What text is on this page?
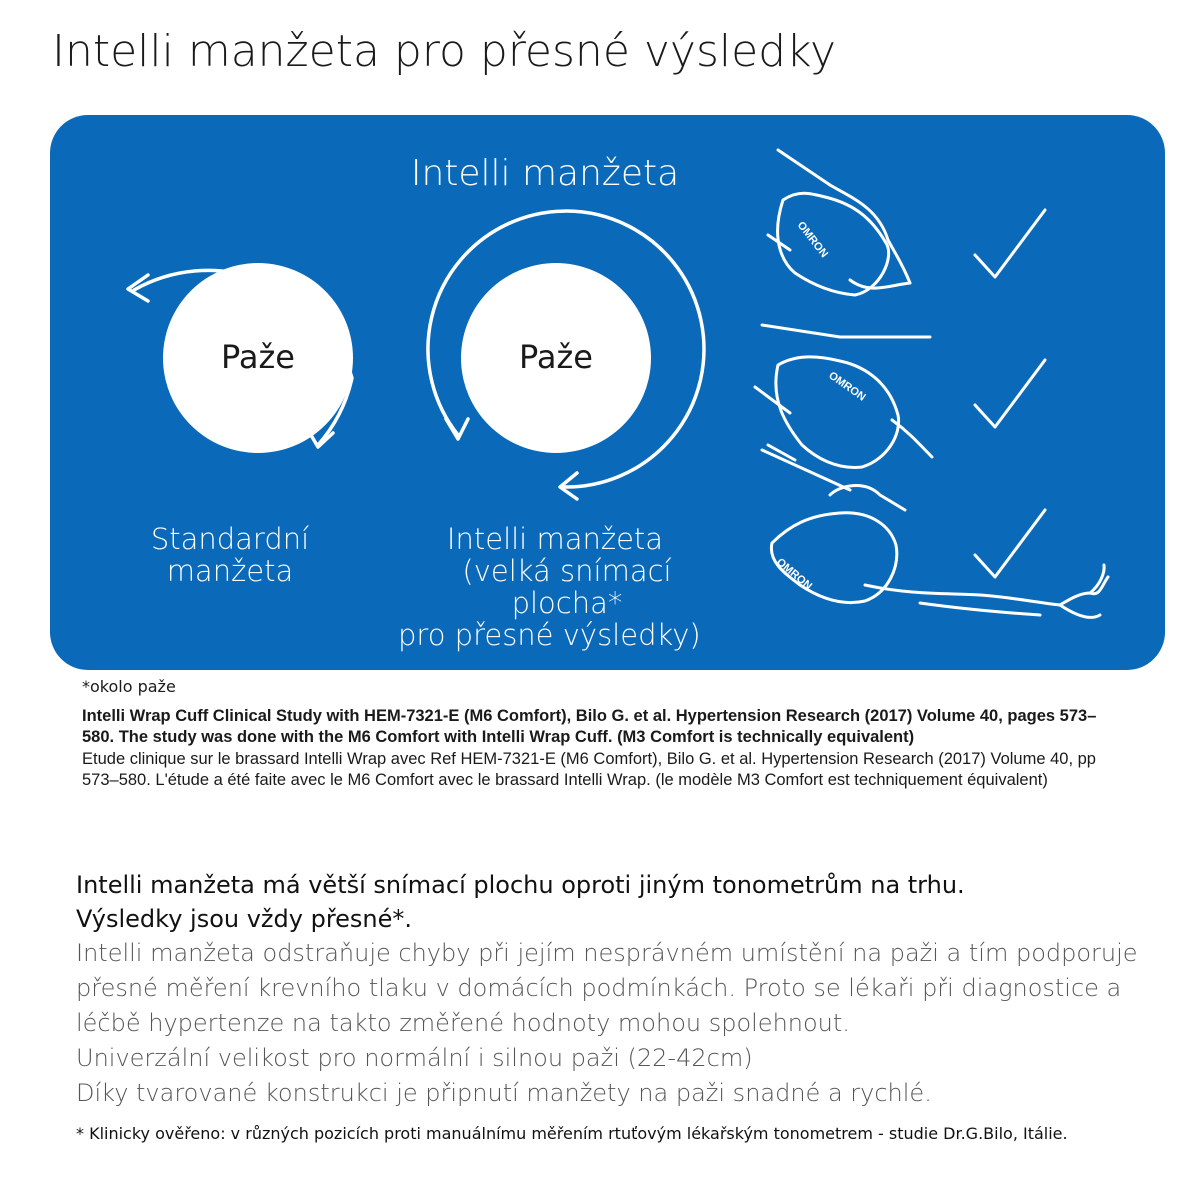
Intelli manžeta pro přesné výsledky
OMRON
OMRON
OMRON
Intelli manžeta
Paže	Paže
Standardní
manžeta
Intelli manžeta
(velká snímací plocha*
pro přesné výsledky)
*okolo paže
Intelli Wrap Cuff Clinical Study with HEM-7321-E (M6 Comfort), Bilo G. et al. Hypertension Research (2017) Volume 40, pages 573–580. The study was done with the M6 Comfort with Intelli Wrap Cuff. (M3 Comfort is technically equivalent)
Etude clinique sur le brassard Intelli Wrap avec Ref HEM-7321-E (M6 Comfort), Bilo G. et al. Hypertension Research (2017) Volume 40, pp 573–580. L'étude a été faite avec le M6 Comfort avec le brassard Intelli Wrap. (le modèle M3 Comfort est techniquement équivalent)
Intelli manžeta má větší snímací plochu oproti jiným tonometrům na trhu.
Výsledky jsou vždy přesné*.

Intelli manžeta odstraňuje chyby při jejím nesprávném umístění na paži a tím podporuje

přesné měření krevního tlaku v domácích podmínkách. Proto se lékaři při diagnostice a

léčbě hypertenze na takto změřené hodnoty mohou spolehnout.

Univerzální velikost pro normální i silnou paži (22-42cm)

Díky tvarované konstrukci je připnutí manžety na paži snadné a rychlé.

* Klinicky ověřeno: v různých pozicích proti manuálnímu měřením rtuťovým lékařským tonometrem - studie Dr.G.Bilo, Itálie.
